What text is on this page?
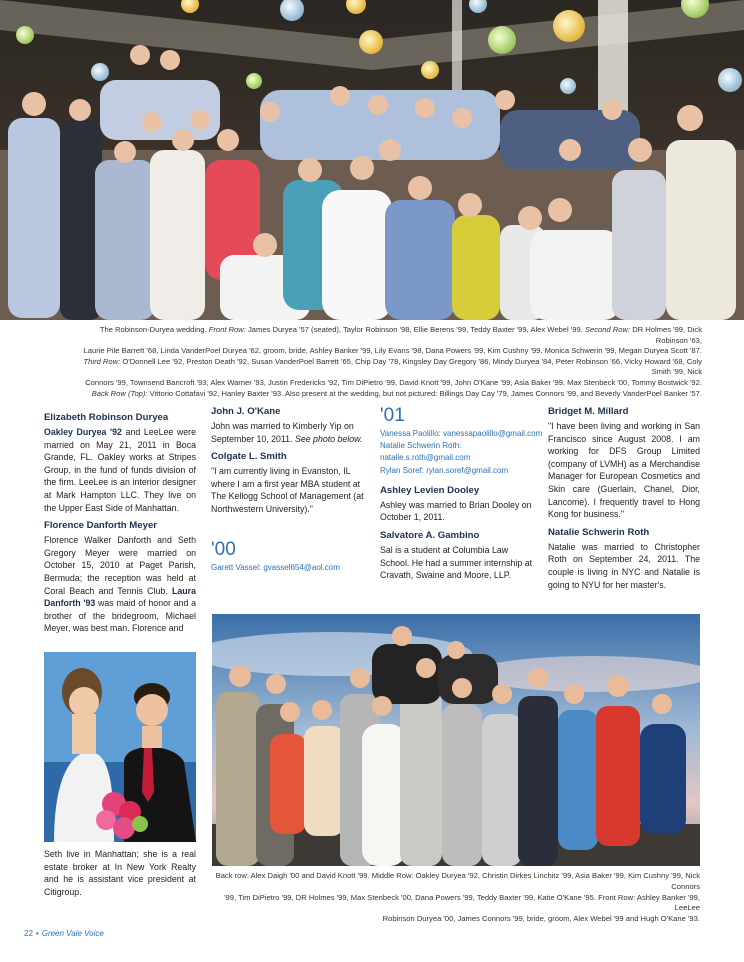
The Robinson-Duryea wedding. Front Row: James Duryea '57 (seated), Taylor Robinson '98, Ellie Berens '99, Teddy Baxter '99, Alex Webel '99. Second Row: DR Holmes '99, Dick Robinson '63,
Laurie Pile Barrett '68, Linda VanderPoel Duryea '62, groom, bride, Ashley Banker '99, Lily Evans '98, Dana Powers '99, Kim Cushny '99, Monica Schwerin '99, Megan Duryea Scott '87.
Third Row: O'Donnell Lee '92, Preston Death '92, Susan VanderPoel Barrett '65, Chip Day '78, Kingsley Day Gregory '86, Mindy Duryea '84, Peter Robinson '66, Vicky Howard '68, Coly Smith '99, Nick
Connors '99, Townsend Bancroft '93, Alex Warner '93, Justin Fredericks '92, Tim DiPietro '99, David Knott '99, John O'Kane '99, Asia Baker '99, Max Stenbeck '00, Tommy Bostwick '92.
Back Row (Top): Vittorio Cottafavi '92, Hanley Baxter '93. Also present at the wedding, but not pictured: Billings Day Cay '79, James Connors '99, and Beverly VanderPoel Banker '57.
Elizabeth Robinson Duryea

Oakley Duryea '92 and LeeLee were married on May 21, 2011 in Boca Grande, FL. Oakley works at Stripes Group, in the fund of funds division of the firm. LeeLee is an interior designer at Mark Hampton LLC. They live on the Upper East Side of Manhattan.

Florence Danforth Meyer

Florence Walker Danforth and Seth Gregory Meyer were married on October 15, 2010 at Paget Parish, Bermuda; the reception was held at Coral Beach and Tennis Club. Laura Danforth '93 was maid of honor and a brother of the bridegroom, Michael Meyer, was best man. Florence and

Seth live in Manhattan; she is a real estate broker at In New York Realty and he is assistant vice president at Citigroup.
John J. O'Kane

John was married to Kimberly Yip on September 10, 2011. See photo below.

Colgate L. Smith

"I am currently living in Evanston, IL where I am a first year MBA student at The Kellogg School of Management (at Northwestern University)."

'00
Garett Vassel: gvassel654@aol.com
'01
Vanessa Paolillo: vanessapaolillo@gmail.com
Natalie Schwerin Roth:
natalie.s.roth@gmail.com
Rylan Soref: rylan.soref@gmail.com
Ashley Levien Dooley

Ashley was married to Brian Dooley on October 1, 2011.

Salvatore A. Gambino

Sal is a student at Columbia Law School. He had a summer internship at Cravath, Swaine and Moore, LLP.

Bridget M. Millard

"I have been living and working in San Francisco since August 2008. I am working for DFS Group Limited (company of LVMH) as a Merchandise Manager for European Cosmetics and Skin care (Guerlain, Chanel, Dior, Lancome). I frequently travel to Hong Kong for business."

Natalie Schwerin Roth

Natalie was married to Christopher Roth on September 24, 2011. The couple is living in NYC and Natalie is going to NYU for her master's.

Back row: Alex Daigh '00 and David Knott '99. Middle Row: Oakley Duryea '92, Christin Dirkes Linchitz '99, Asia Baker '99, Kim Cushny '99, Nick Connors
'99, Tim DiPietro '99, DR Holmes '99, Max Stenbeck '00, Dana Powers '99, Teddy Baxter '99, Katie O'Kane '95. Front Row: Ashley Banker '99, LeeLee
Robinson Duryea '00, James Connors '99, bride, groom, Alex Webel '99 and Hugh O'Kane '93.
22 • Green Vale Voice
